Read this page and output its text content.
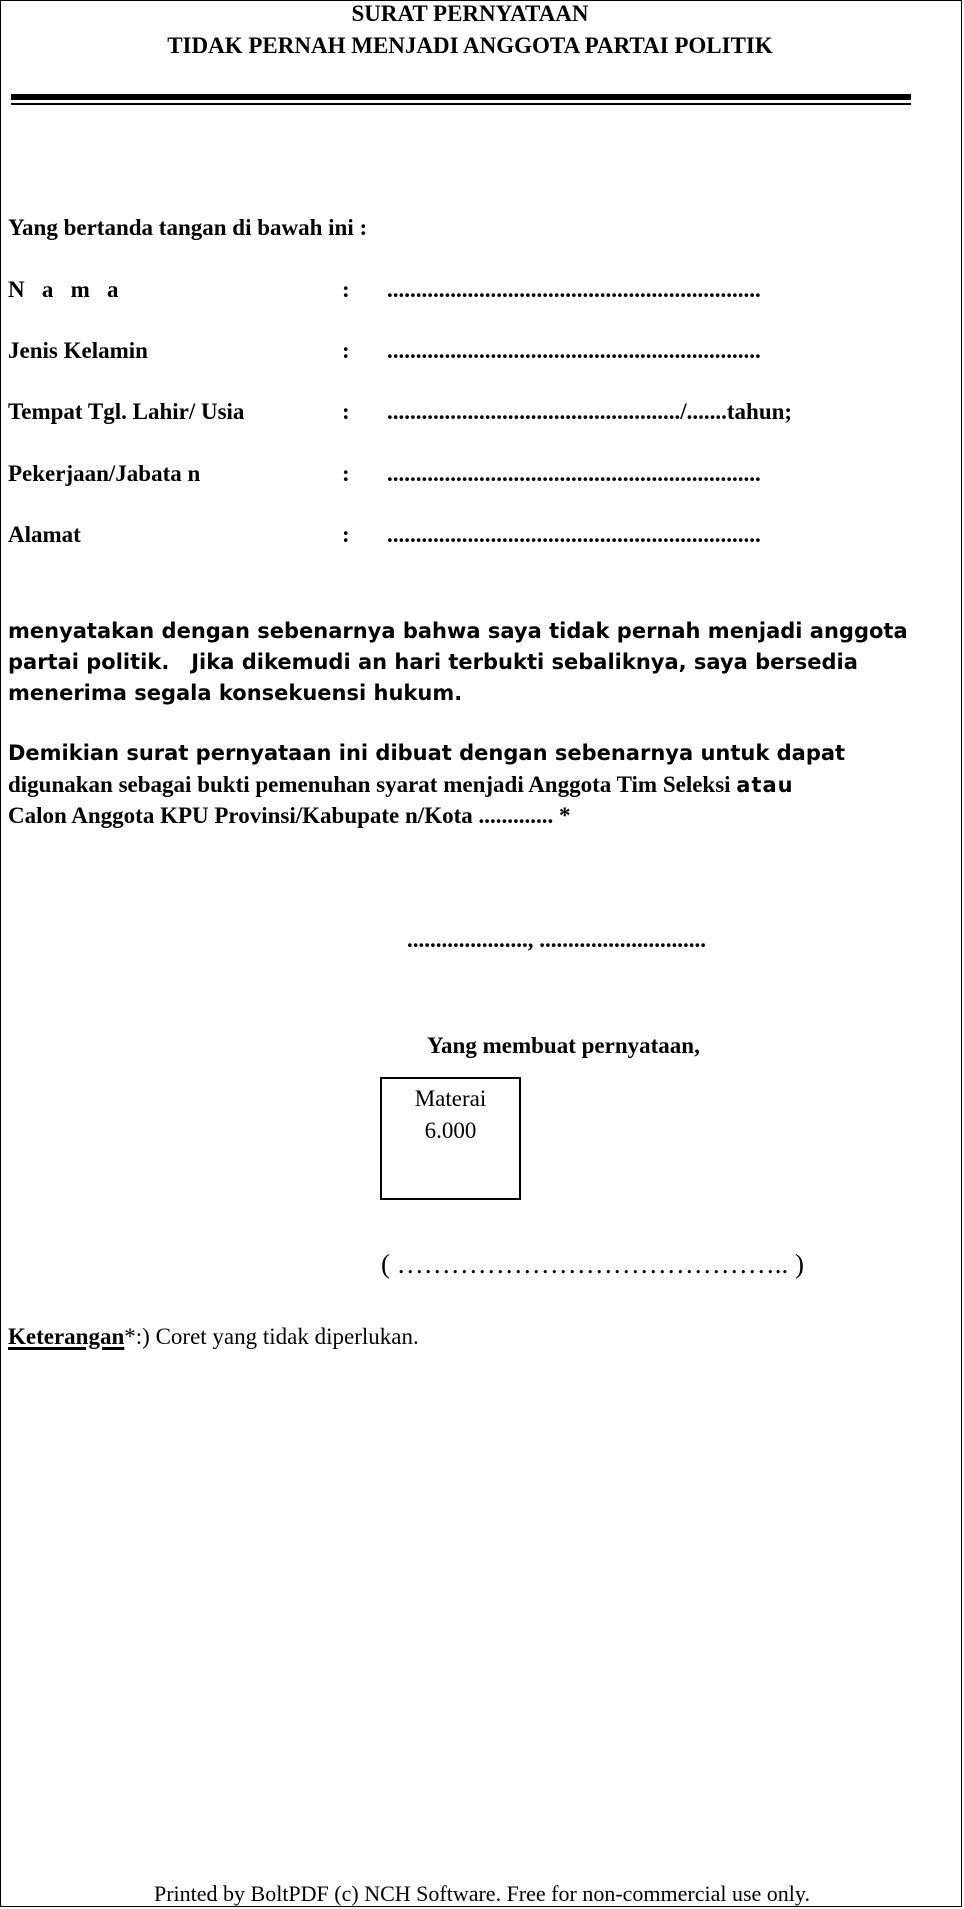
SURAT PERNYATAAN
TIDAK PERNAH MENJADI ANGGOTA PARTAI POLITIK
Yang bertanda tangan di bawah ini :
N   a   m   a	: .................................................................
Jenis Kelamin	: .................................................................
Tempat Tgl. Lahir/ Usia	: .................................................../.......tahun;
Pekerjaan/Jabata n	: .................................................................
Alamat	: .................................................................
menyatakan dengan sebenarnya bahwa saya tidak pernah menjadi anggota
partai politik.   Jika dikemudi an hari terbukti sebaliknya, saya bersedia
menerima segala konsekuensi hukum.
Demikian surat pernyataan ini dibuat dengan sebenarnya untuk dapat
digunakan sebagai bukti pemenuhan syarat menjadi Anggota Tim Seleksi atau
Calon Anggota KPU Provinsi/Kabupate n/Kota ............. *
....................., .............................
Yang membuat pernyataan,
Materai
6.000
( …………………………………….. )
Keterangan*:) Coret yang tidak diperlukan.
Printed by BoltPDF (c) NCH Software. Free for non-commercial use only.
